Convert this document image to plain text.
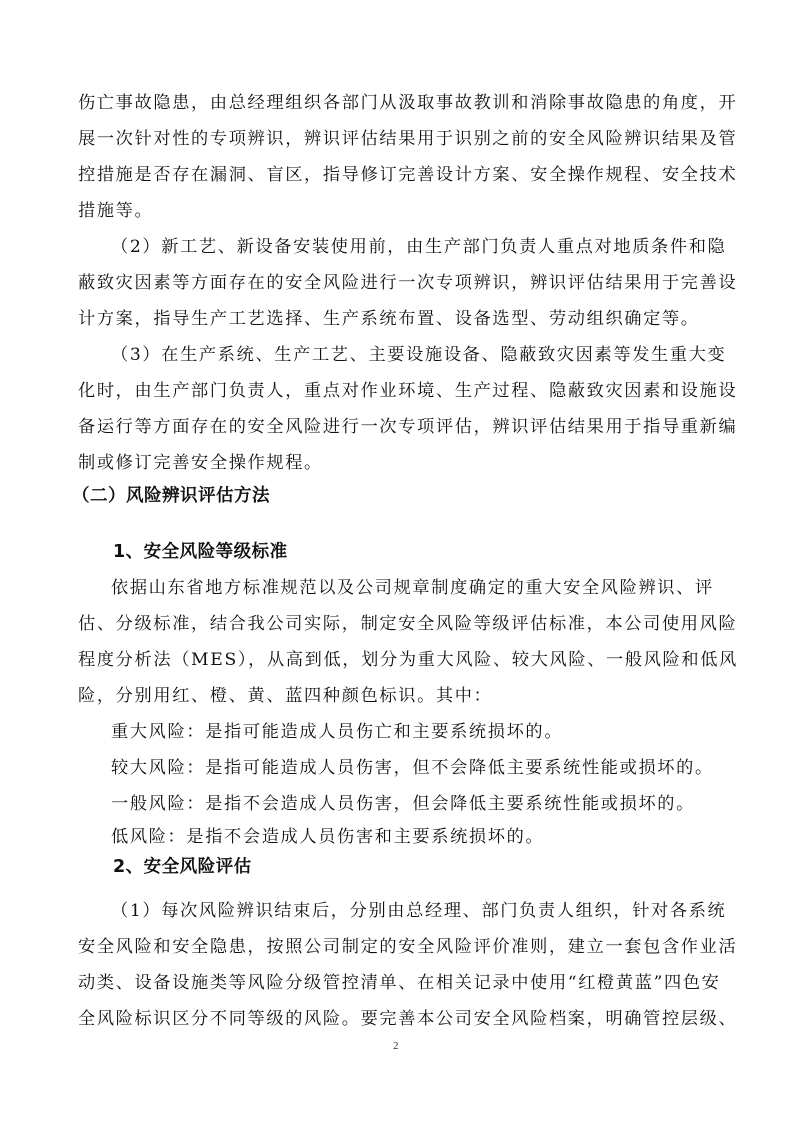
伤亡事故隐患，由总经理组织各部门从汲取事故教训和消除事故隐患的角度，开
展一次针对性的专项辨识，辨识评估结果用于识别之前的安全风险辨识结果及管
控措施是否存在漏洞、盲区，指导修订完善设计方案、安全操作规程、安全技术
措施等。
（2）新工艺、新设备安装使用前，由生产部门负责人重点对地质条件和隐
蔽致灾因素等方面存在的安全风险进行一次专项辨识，辨识评估结果用于完善设
计方案，指导生产工艺选择、生产系统布置、设备选型、劳动组织确定等。
（3）在生产系统、生产工艺、主要设施设备、隐蔽致灾因素等发生重大变
化时，由生产部门负责人，重点对作业环境、生产过程、隐蔽致灾因素和设施设
备运行等方面存在的安全风险进行一次专项评估，辨识评估结果用于指导重新编
制或修订完善安全操作规程。
（二）风险辨识评估方法
1、安全风险等级标准
依据山东省地方标准规范以及公司规章制度确定的重大安全风险辨识、评
估、分级标准，结合我公司实际，制定安全风险等级评估标准，本公司使用风险
程度分析法（MES），从高到低，划分为重大风险、较大风险、一般风险和低风
险，分别用红、橙、黄、蓝四种颜色标识。其中：
重大风险：是指可能造成人员伤亡和主要系统损坏的。
较大风险：是指可能造成人员伤害，但不会降低主要系统性能或损坏的。
一般风险：是指不会造成人员伤害，但会降低主要系统性能或损坏的。
低风险：是指不会造成人员伤害和主要系统损坏的。
2、安全风险评估
（1）每次风险辨识结束后，分别由总经理、部门负责人组织，针对各系统
安全风险和安全隐患，按照公司制定的安全风险评价准则，建立一套包含作业活
动类、设备设施类等风险分级管控清单、在相关记录中使用“红橙黄蓝”四色安
全风险标识区分不同等级的风险。要完善本公司安全风险档案，明确管控层级、
2
